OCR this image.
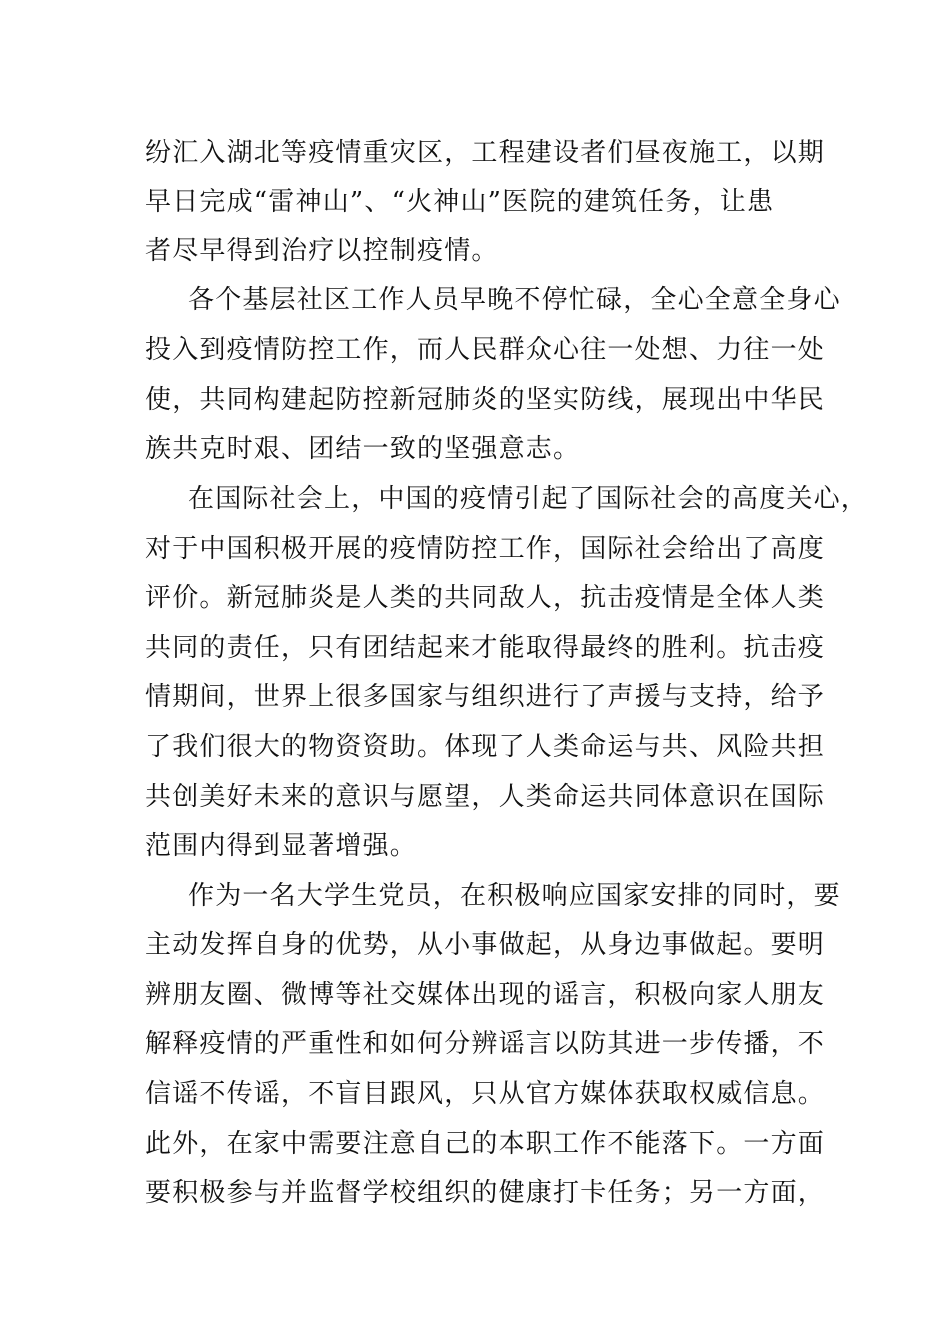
纷汇入湖北等疫情重灾区，工程建设者们昼夜施工，以期
早日完成“雷神山”、“火神山”医院的建筑任务，让患
者尽早得到治疗以控制疫情。
各个基层社区工作人员早晚不停忙碌，全心全意全身心
投入到疫情防控工作，而人民群众心往一处想、力往一处
使，共同构建起防控新冠肺炎的坚实防线，展现出中华民
族共克时艰、团结一致的坚强意志。
在国际社会上，中国的疫情引起了国际社会的高度关心，
对于中国积极开展的疫情防控工作，国际社会给出了高度
评价。新冠肺炎是人类的共同敌人，抗击疫情是全体人类
共同的责任，只有团结起来才能取得最终的胜利。抗击疫
情期间，世界上很多国家与组织进行了声援与支持，给予
了我们很大的物资资助。体现了人类命运与共、风险共担
共创美好未来的意识与愿望，人类命运共同体意识在国际
范围内得到显著增强。
作为一名大学生党员，在积极响应国家安排的同时，要
主动发挥自身的优势，从小事做起，从身边事做起。要明
辨朋友圈、微博等社交媒体出现的谣言，积极向家人朋友
解释疫情的严重性和如何分辨谣言以防其进一步传播，不
信谣不传谣，不盲目跟风，只从官方媒体获取权威信息。
此外，在家中需要注意自己的本职工作不能落下。一方面
要积极参与并监督学校组织的健康打卡任务；另一方面，
